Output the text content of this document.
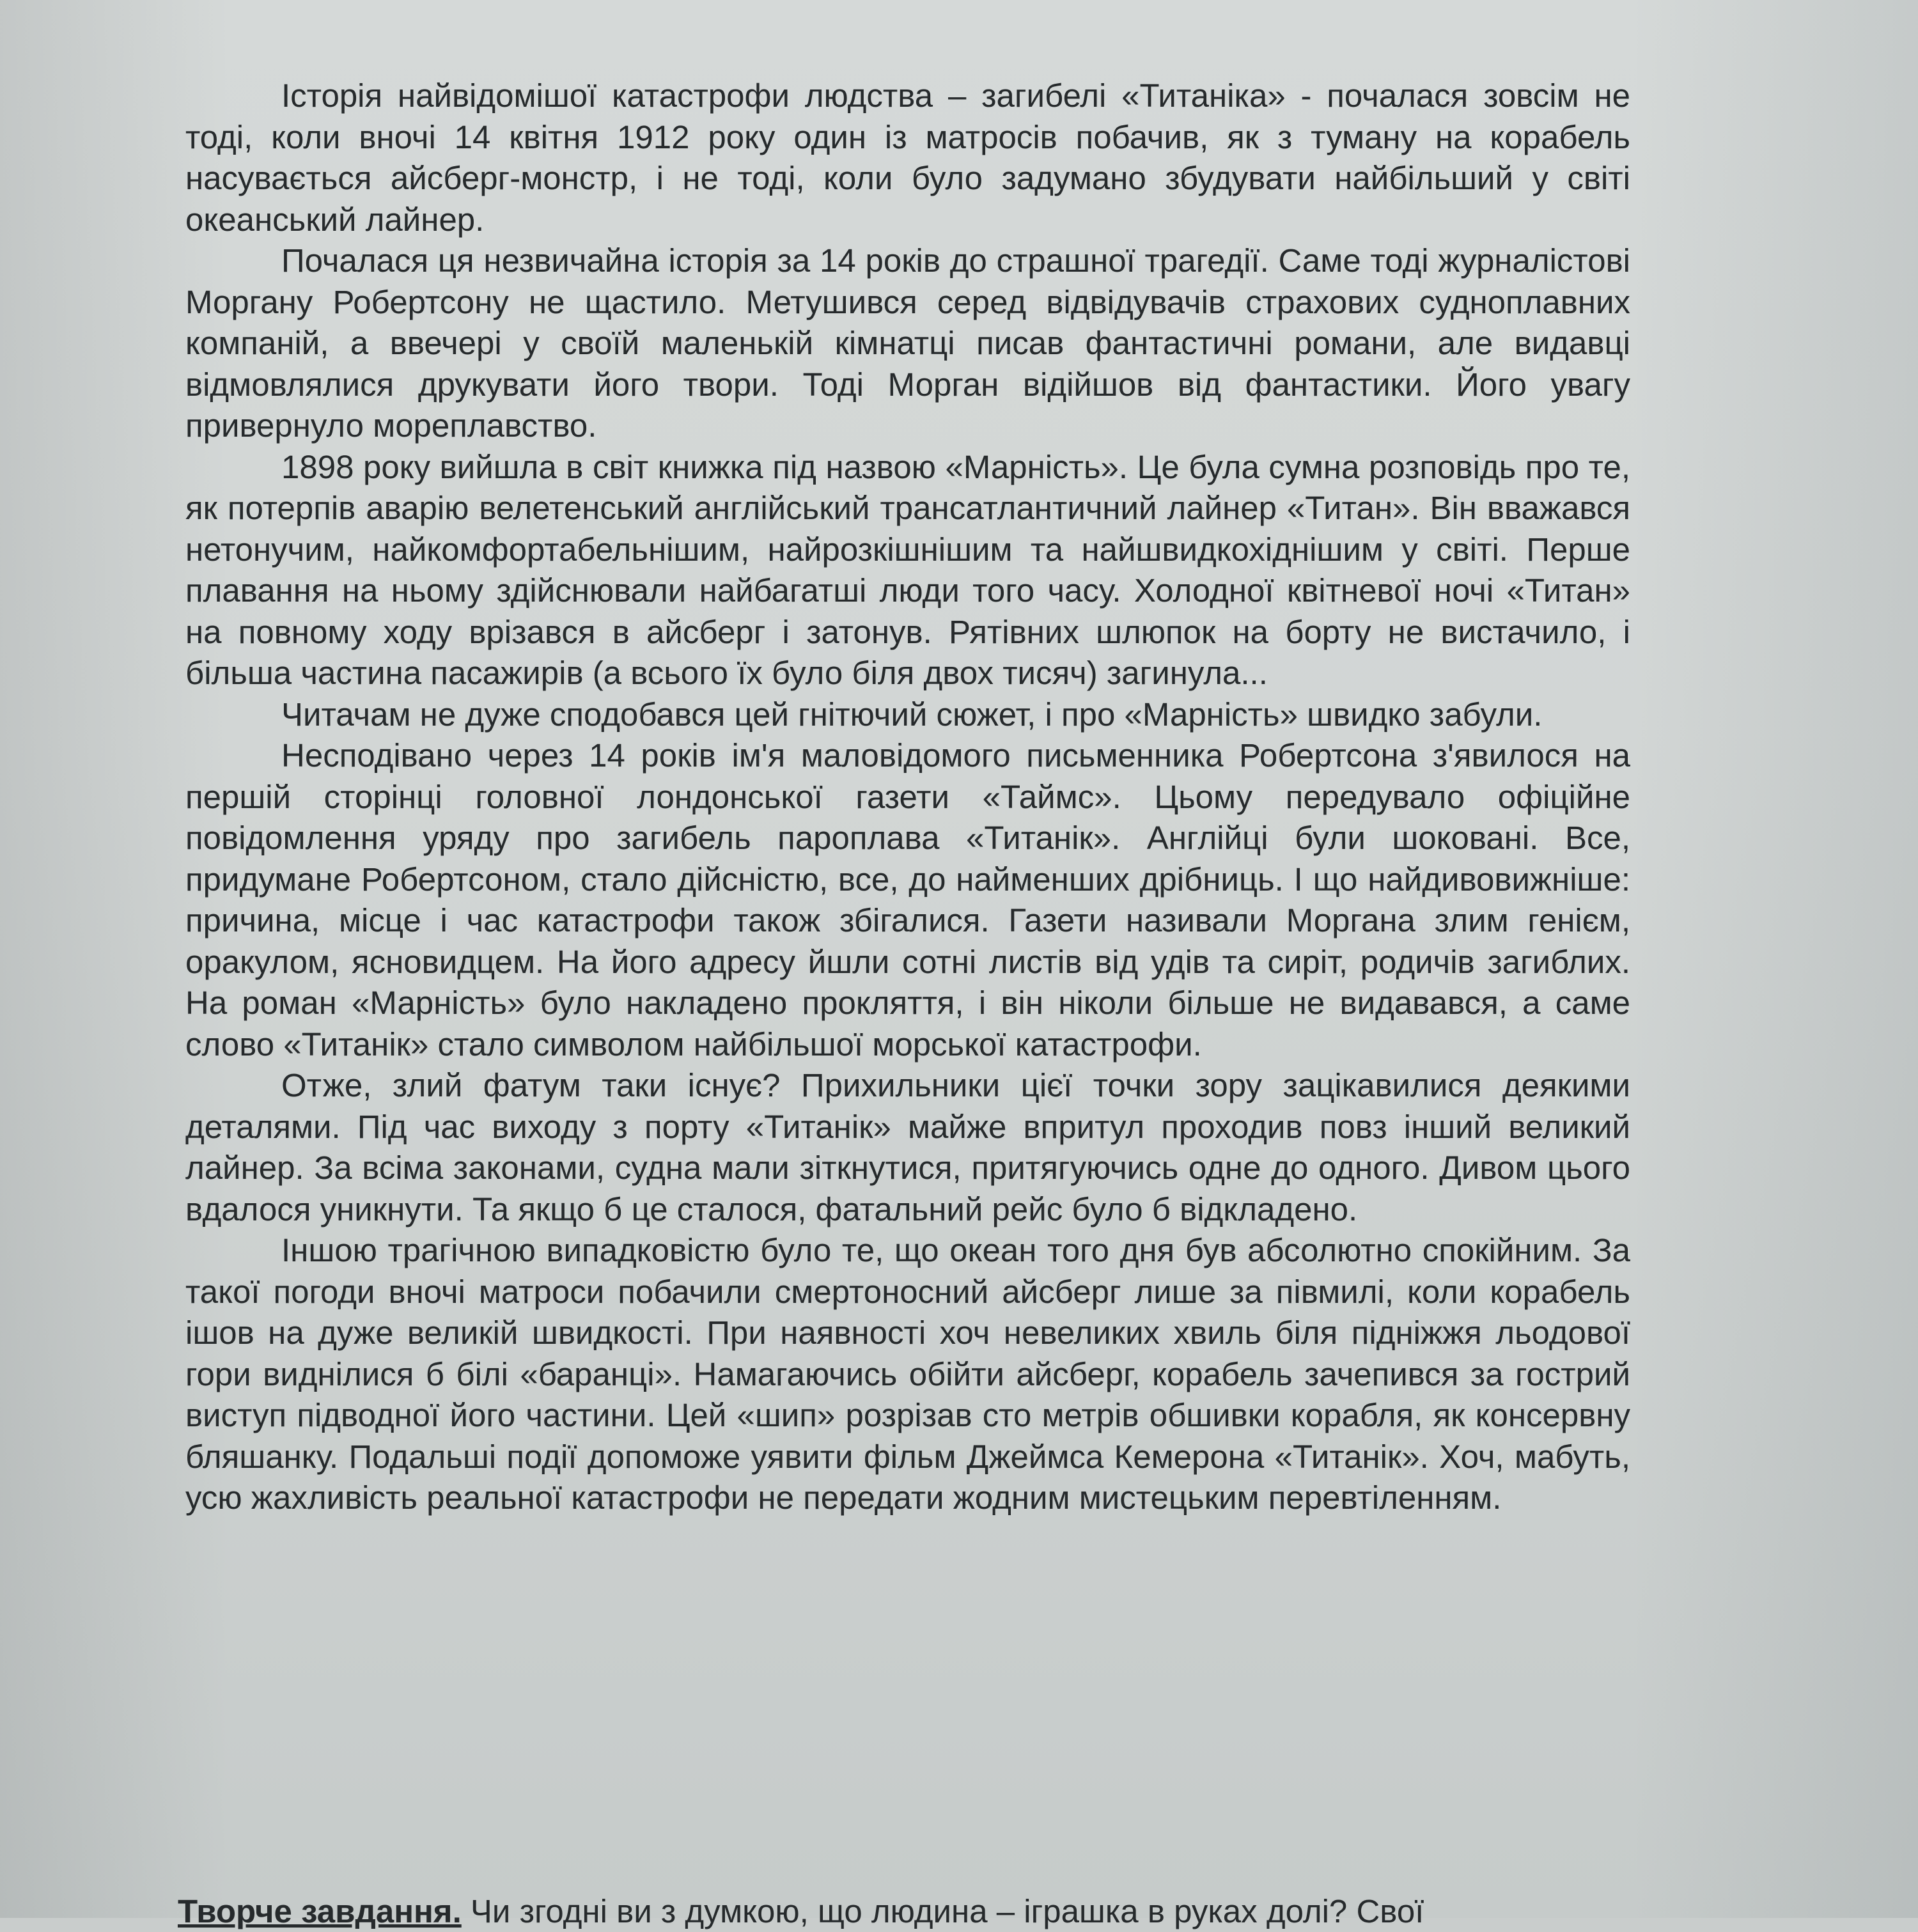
Історія найвідомішої катастрофи людства – загибелі «Титаніка» - почалася зовсім не тоді, коли вночі 14 квітня 1912 року один із матросів побачив, як з туману на корабель насувається айсберг-монстр, і не тоді, коли було задумано збудувати найбільший у світі океанський лайнер.

Почалася ця незвичайна історія за 14 років до страшної трагедії. Саме тоді журналістові Моргану Робертсону не щастило. Метушився серед відвідувачів страхових судноплавних компаній, а ввечері у своїй маленькій кімнатці писав фантастичні романи, але видавці відмовлялися друкувати його твори. Тоді Морган відійшов від фантастики. Його увагу привернуло мореплавство.

1898 року вийшла в світ книжка під назвою «Марність». Це була сумна розповідь про те, як потерпів аварію велетенський англійський трансатлантичний лайнер «Титан». Він вважався нетонучим, найкомфортабельнішим, найрозкішнішим та найшвидкохіднішим у світі. Перше плавання на ньому здійснювали найбагатші люди того часу. Холодної квітневої ночі «Титан» на повному ходу врізався в айсберг і затонув. Рятівних шлюпок на борту не вистачило, і більша частина пасажирів (а всього їх було біля двох тисяч) загинула...

Читачам не дуже сподобався цей гнітючий сюжет, і про «Марність» швидко забули.

Несподівано через 14 років ім'я маловідомого письменника Робертсона з'явилося на першій сторінці головної лондонської газети «Таймс». Цьому передувало офіційне повідомлення уряду про загибель пароплава «Титанік». Англійці були шоковані. Все, придумане Робертсоном, стало дійсністю, все, до найменших дрібниць. І що найдивовижніше: причина, місце і час катастрофи також збігалися. Газети називали Моргана злим генієм, оракулом, ясновидцем. На його адресу йшли сотні листів від удів та сиріт, родичів загиблих. На роман «Марність» було накладено прокляття, і він ніколи більше не видавався, а саме слово «Титанік» стало символом найбільшої морської катастрофи.

Отже, злий фатум таки існує? Прихильники цієї точки зору зацікавилися деякими деталями. Під час виходу з порту «Титанік» майже впритул проходив повз інший великий лайнер. За всіма законами, судна мали зіткнутися, притягуючись одне до одного. Дивом цього вдалося уникнути. Та якщо б це сталося, фатальний рейс було б відкладено.

Іншою трагічною випадковістю було те, що океан того дня був абсолютно спокійним. За такої погоди вночі матроси побачили смертоносний айсберг лише за півмилі, коли корабель ішов на дуже великій швидкості. При наявності хоч невеликих хвиль біля підніжжя льодової гори виднілися б білі «баранці». Намагаючись обійти айсберг, корабель зачепився за гострий виступ підводної його частини. Цей «шип» розрізав сто метрів обшивки корабля, як консервну бляшанку. Подальші події допоможе уявити фільм Джеймса Кемерона «Титанік». Хоч, мабуть, усю жахливість реальної катастрофи не передати жодним мистецьким перевтіленням.

Творче завдання. Чи згодні ви з думкою, що людина – іграшка в руках долі? Свої
